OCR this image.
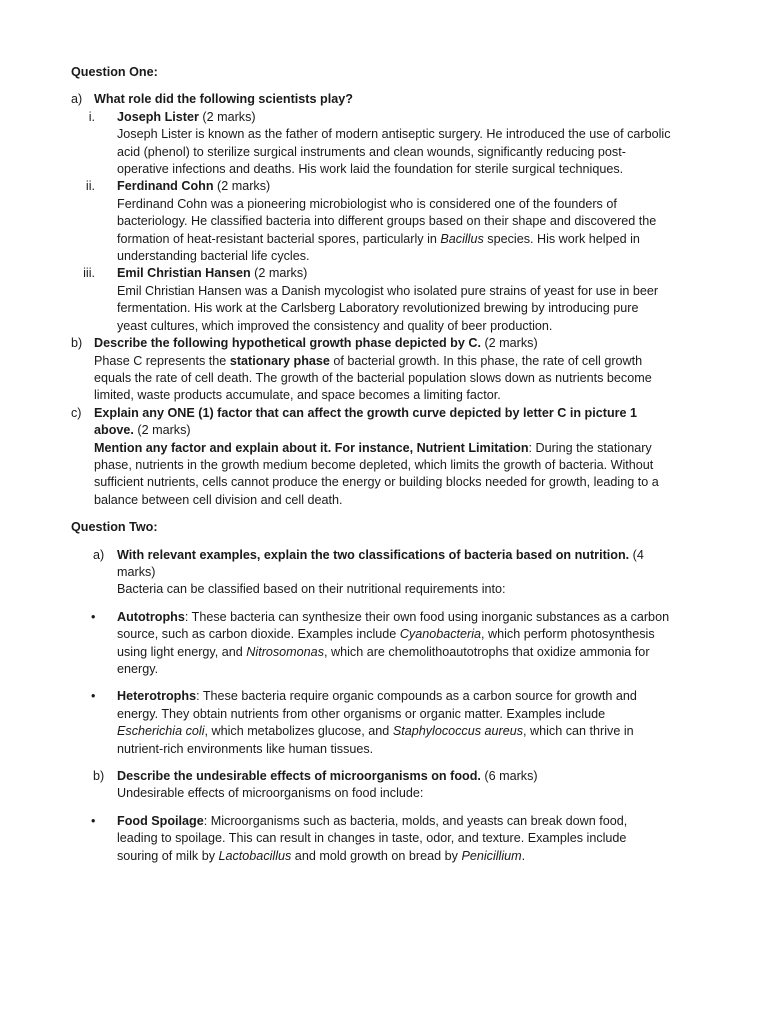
Question One:
a) What role did the following scientists play?
i. Joseph Lister (2 marks)
Joseph Lister is known as the father of modern antiseptic surgery. He introduced the use of carbolic acid (phenol) to sterilize surgical instruments and clean wounds, significantly reducing post-operative infections and deaths. His work laid the foundation for sterile surgical techniques.
ii. Ferdinand Cohn (2 marks)
Ferdinand Cohn was a pioneering microbiologist who is considered one of the founders of bacteriology. He classified bacteria into different groups based on their shape and discovered the formation of heat-resistant bacterial spores, particularly in Bacillus species. His work helped in understanding bacterial life cycles.
iii. Emil Christian Hansen (2 marks)
Emil Christian Hansen was a Danish mycologist who isolated pure strains of yeast for use in beer fermentation. His work at the Carlsberg Laboratory revolutionized brewing by introducing pure yeast cultures, which improved the consistency and quality of beer production.
b) Describe the following hypothetical growth phase depicted by C. (2 marks)
Phase C represents the stationary phase of bacterial growth. In this phase, the rate of cell growth equals the rate of cell death. The growth of the bacterial population slows down as nutrients become limited, waste products accumulate, and space becomes a limiting factor.
c) Explain any ONE (1) factor that can affect the growth curve depicted by letter C in picture 1 above. (2 marks)
Mention any factor and explain about it. For instance, Nutrient Limitation: During the stationary phase, nutrients in the growth medium become depleted, which limits the growth of bacteria. Without sufficient nutrients, cells cannot produce the energy or building blocks needed for growth, leading to a balance between cell division and cell death.
Question Two:
a) With relevant examples, explain the two classifications of bacteria based on nutrition. (4 marks)
Bacteria can be classified based on their nutritional requirements into:
•	Autotrophs: These bacteria can synthesize their own food using inorganic substances as a carbon source, such as carbon dioxide. Examples include Cyanobacteria, which perform photosynthesis using light energy, and Nitrosomonas, which are chemolithoautotrophs that oxidize ammonia for energy.
•	Heterotrophs: These bacteria require organic compounds as a carbon source for growth and energy. They obtain nutrients from other organisms or organic matter. Examples include Escherichia coli, which metabolizes glucose, and Staphylococcus aureus, which can thrive in nutrient-rich environments like human tissues.
b) Describe the undesirable effects of microorganisms on food. (6 marks)
Undesirable effects of microorganisms on food include:
•	Food Spoilage: Microorganisms such as bacteria, molds, and yeasts can break down food, leading to spoilage. This can result in changes in taste, odor, and texture. Examples include souring of milk by Lactobacillus and mold growth on bread by Penicillium.
